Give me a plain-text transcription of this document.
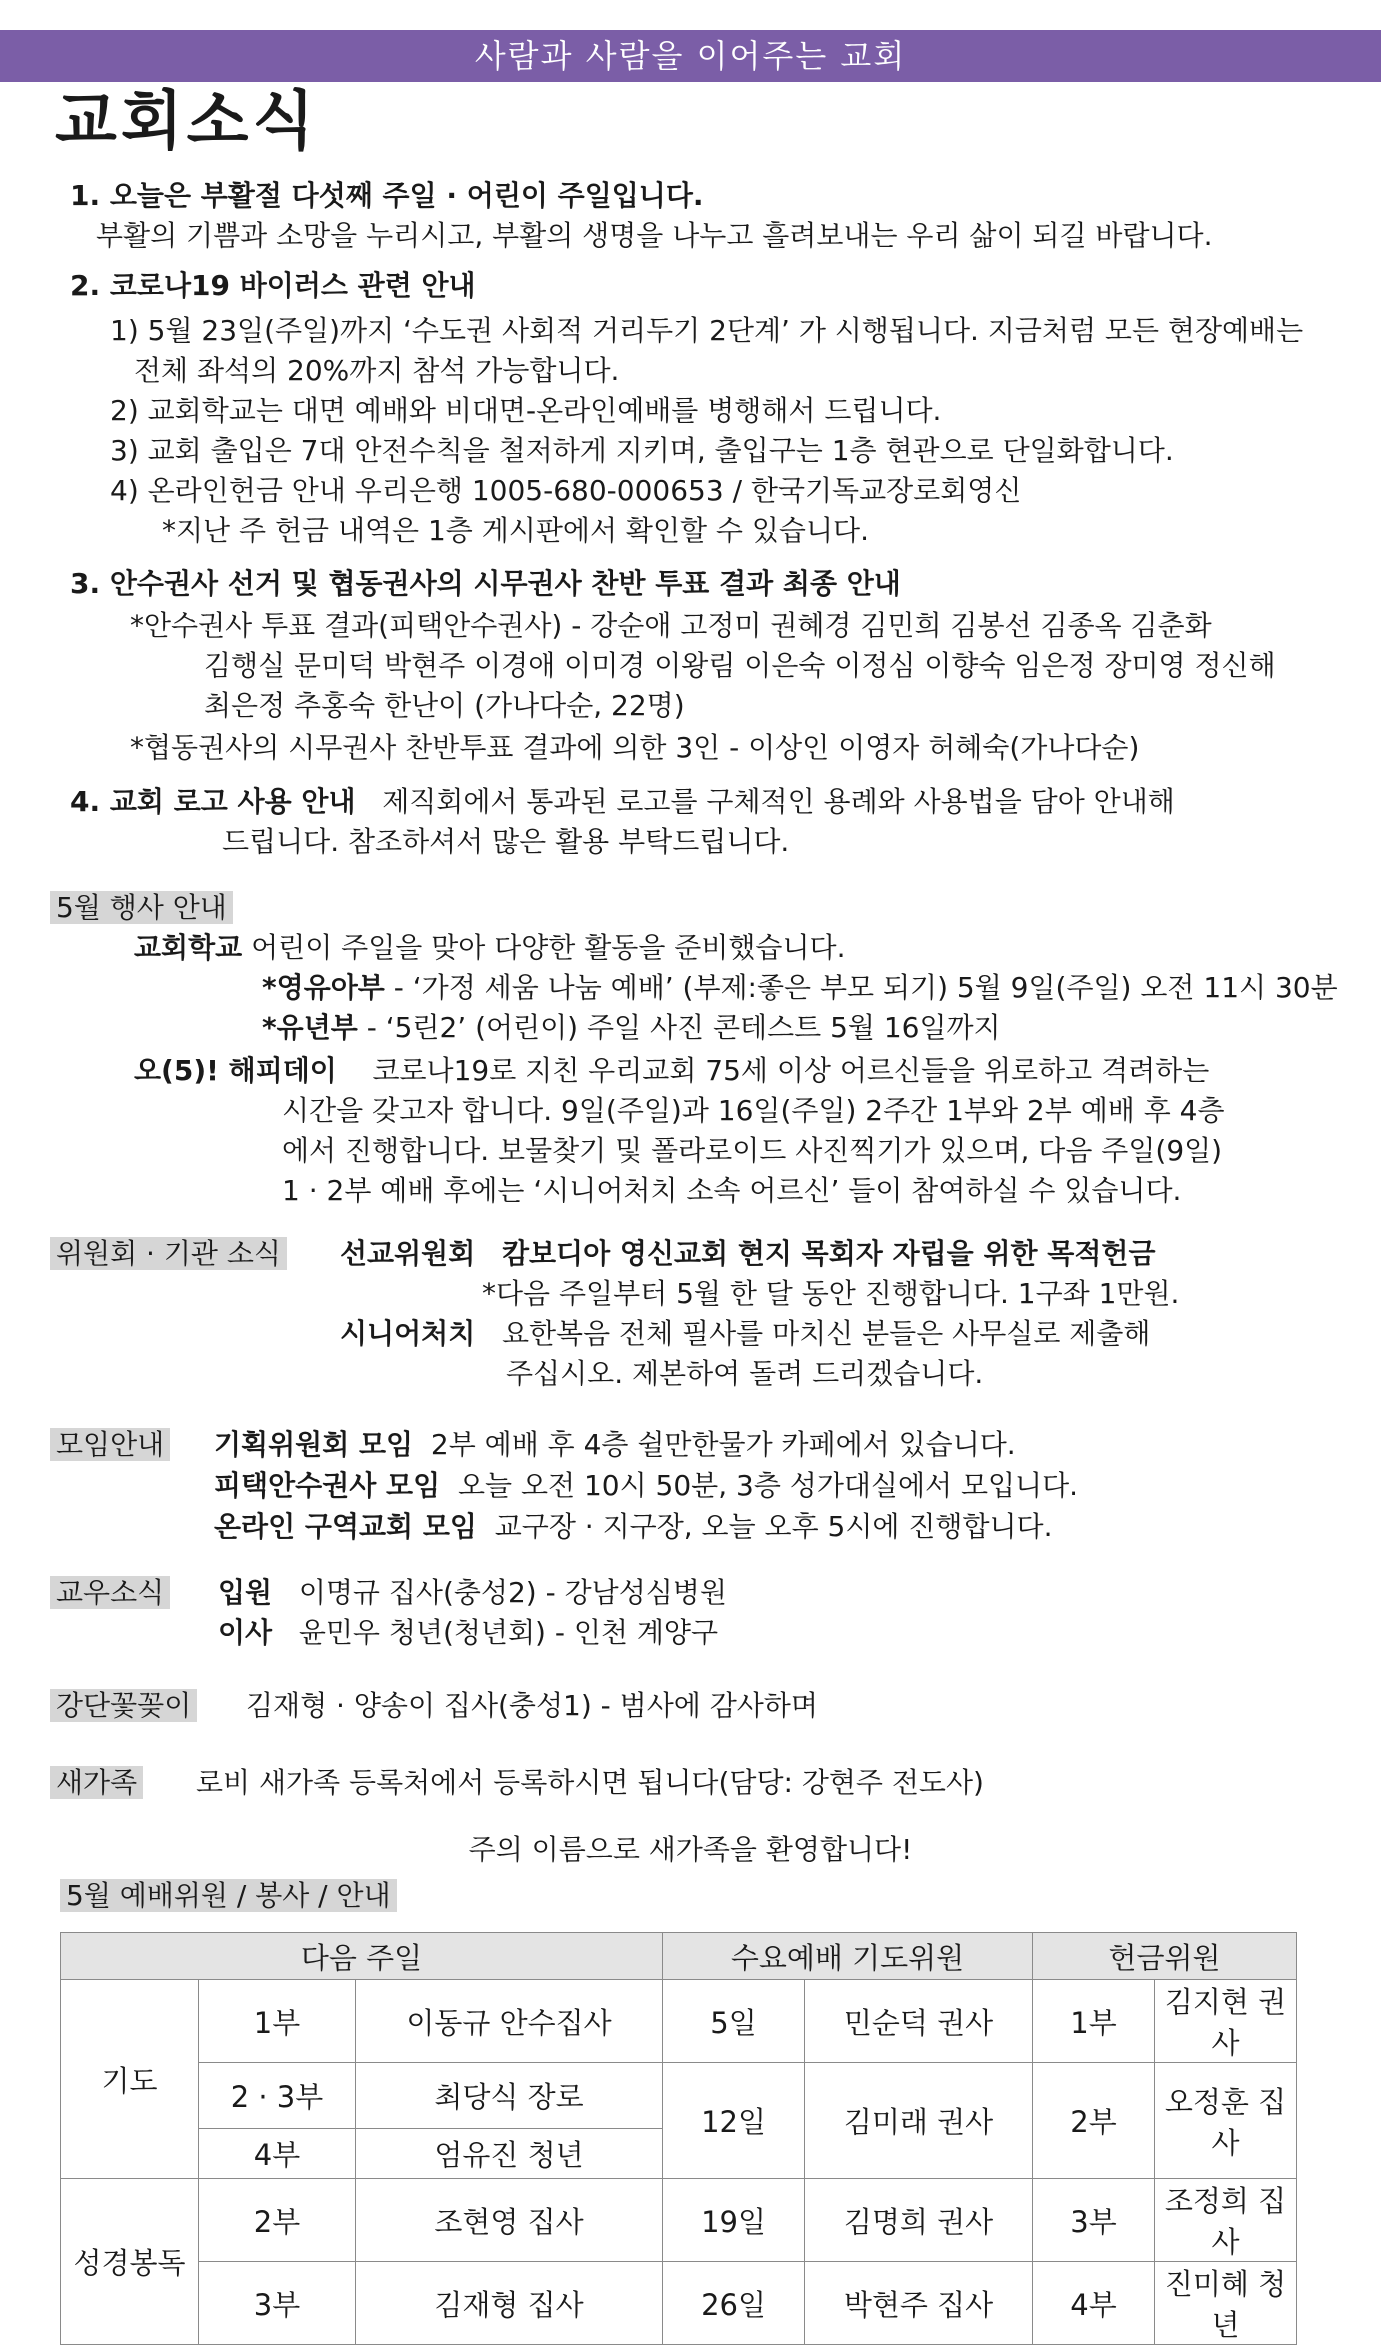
사람과 사람을 이어주는 교회
교회소식
1. 오늘은 부활절 다섯째 주일 · 어린이 주일입니다.
부활의 기쁨과 소망을 누리시고, 부활의 생명을 나누고 흘려보내는 우리 삶이 되길 바랍니다.
2. 코로나19 바이러스 관련 안내
1) 5월 23일(주일)까지 ‘수도권 사회적 거리두기 2단계’ 가 시행됩니다. 지금처럼 모든 현장예배는
전체 좌석의 20%까지 참석 가능합니다.
2) 교회학교는 대면 예배와 비대면-온라인예배를 병행해서 드립니다.
3) 교회 출입은 7대 안전수칙을 철저하게 지키며, 출입구는 1층 현관으로 단일화합니다.
4) 온라인헌금 안내 우리은행 1005-680-000653 / 한국기독교장로회영신
*지난 주 헌금 내역은 1층 게시판에서 확인할 수 있습니다.
3. 안수권사 선거 및 협동권사의 시무권사 찬반 투표 결과 최종 안내
*안수권사 투표 결과(피택안수권사) - 강순애 고정미 권혜경 김민희 김봉선 김종옥 김춘화
김행실 문미덕 박현주 이경애 이미경 이왕림 이은숙 이정심 이향숙 임은정 장미영 정신해
최은정 추홍숙 한난이 (가나다순, 22명)
*협동권사의 시무권사 찬반투표 결과에 의한 3인 - 이상인 이영자 허혜숙(가나다순)
4. 교회 로고 사용 안내 제직회에서 통과된 로고를 구체적인 용례와 사용법을 담아 안내해
드립니다. 참조하셔서 많은 활용 부탁드립니다.
5월 행사 안내
교회학교 어린이 주일을 맞아 다양한 활동을 준비했습니다.
*영유아부 - ‘가정 세움 나눔 예배’ (부제:좋은 부모 되기) 5월 9일(주일) 오전 11시 30분
*유년부 - ‘5린2’ (어린이) 주일 사진 콘테스트 5월 16일까지
오(5)! 해피데이 코로나19로 지친 우리교회 75세 이상 어르신들을 위로하고 격려하는
시간을 갖고자 합니다. 9일(주일)과 16일(주일) 2주간 1부와 2부 예배 후 4층
에서 진행합니다. 보물찾기 및 폴라로이드 사진찍기가 있으며, 다음 주일(9일)
1 · 2부 예배 후에는 ‘시니어처치 소속 어르신’ 들이 참여하실 수 있습니다.
위원회 · 기관 소식 선교위원회 캄보디아 영신교회 현지 목회자 자립을 위한 목적헌금
*다음 주일부터 5월 한 달 동안 진행합니다. 1구좌 1만원.
시니어처치 요한복음 전체 필사를 마치신 분들은 사무실로 제출해
주십시오. 제본하여 돌려 드리겠습니다.
모임안내 기획위원회 모임 2부 예배 후 4층 쉴만한물가 카페에서 있습니다.
피택안수권사 모임 오늘 오전 10시 50분, 3층 성가대실에서 모입니다.
온라인 구역교회 모임 교구장 · 지구장, 오늘 오후 5시에 진행합니다.
교우소식 입원 이명규 집사(충성2) - 강남성심병원
이사 윤민우 청년(청년회) - 인천 계양구
강단꽃꽂이 김재형 · 양송이 집사(충성1) - 범사에 감사하며
새가족 로비 새가족 등록처에서 등록하시면 됩니다(담당: 강현주 전도사)
주의 이름으로 새가족을 환영합니다!
5월 예배위원 / 봉사 / 안내
다음 주일			수요예배 기도위원		헌금위원	
기도	1부	이동규 안수집사	5일	민순덕 권사	1부	김지현 권사
	2 · 3부	최당식 장로	12일	김미래 권사	2부	오정훈 집사
	4부	엄유진 청년				
성경봉독	2부	조현영 집사	19일	김명희 권사	3부	조정희 집사
	3부	김재형 집사	26일	박현주 집사	4부	진미혜 청년
